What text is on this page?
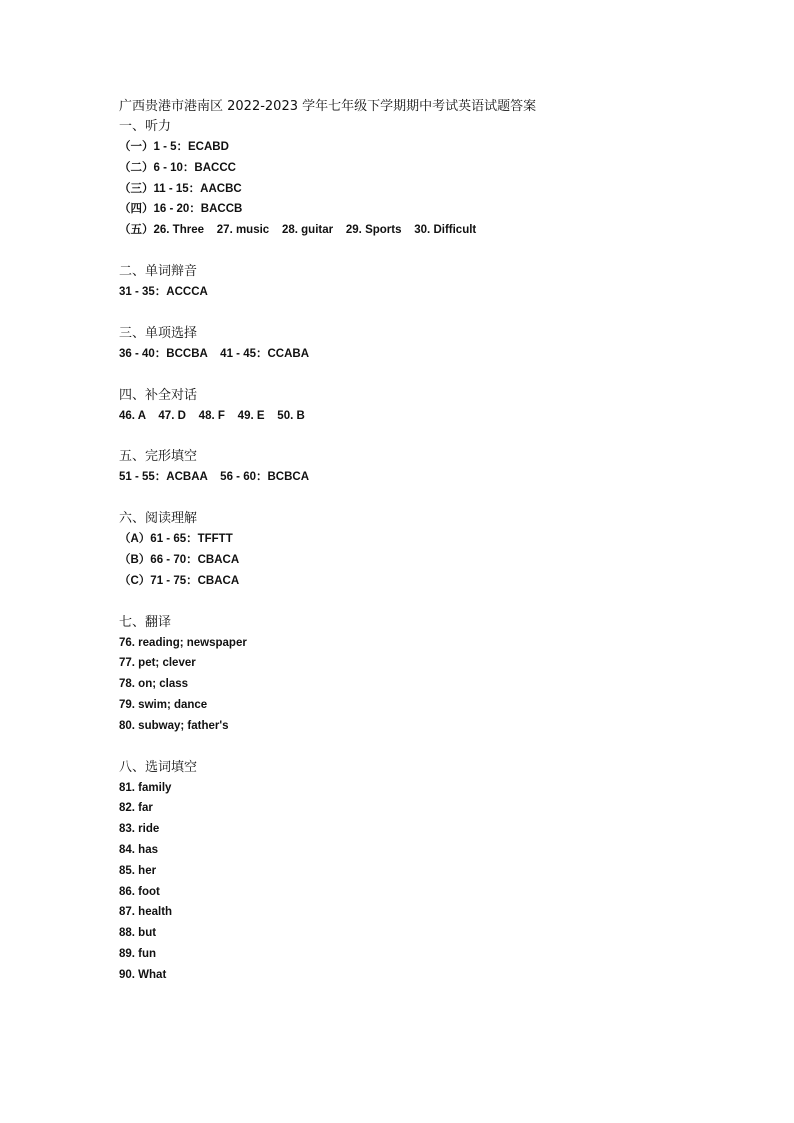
广西贵港市港南区 2022-2023 学年七年级下学期期中考试英语试题答案
一、听力
（一）1 - 5：ECABD
（二）6 - 10：BACCC
（三）11 - 15：AACBC
（四）16 - 20：BACCB
（五）26. Three    27. music    28. guitar    29. Sports    30. Difficult
二、单词辩音
31 - 35：ACCCA
三、单项选择
36 - 40：BCCBA    41 - 45：CCABA
四、补全对话
46. A    47. D    48. F    49. E    50. B
五、完形填空
51 - 55：ACBAA    56 - 60：BCBCA
六、阅读理解
（A）61 - 65：TFFTT
（B）66 - 70：CBACA
（C）71 - 75：CBACA
七、翻译
76. reading; newspaper
77. pet; clever
78. on; class
79. swim; dance
80. subway; father's
八、选词填空
81. family
82. far
83. ride
84. has
85. her
86. foot
87. health
88. but
89. fun
90. What
